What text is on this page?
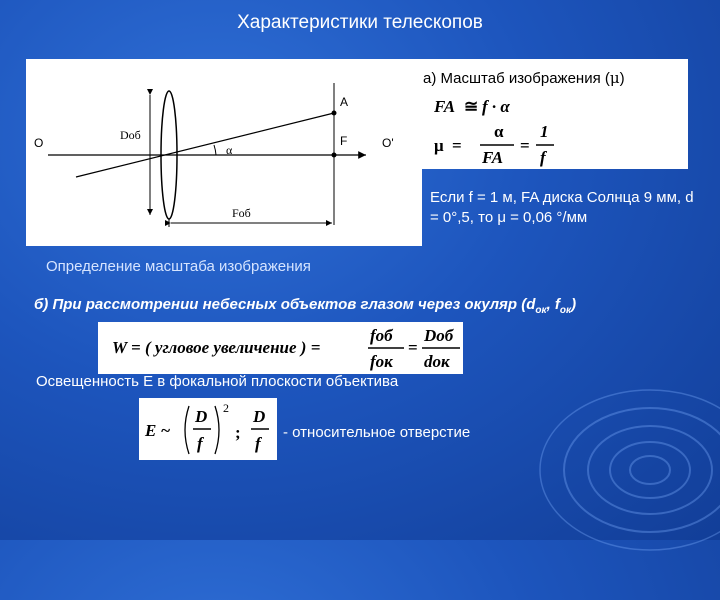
Характеристики телескопов
O	O'
Dоб
α
A
F
Fоб
а) Масштаб изображения (μ)
FA ≅ f · α
μ =
α
FA
=
1
f
Определение масштаба изображения
Если f = 1 м, FA диска Солнца 9 мм, d = 0°,5, то μ = 0,06 °/мм
б) При рассмотрении небесных объектов глазом через окуляр ($d_{ок}$, $f_{ок}$)
W = ( угловое увеличение ) =
fоб
fок
=
Dоб
dок
Освещенность E в фокальной плоскости объектива
E ~
D
f
2
;
D
f
- относительное отверстие
